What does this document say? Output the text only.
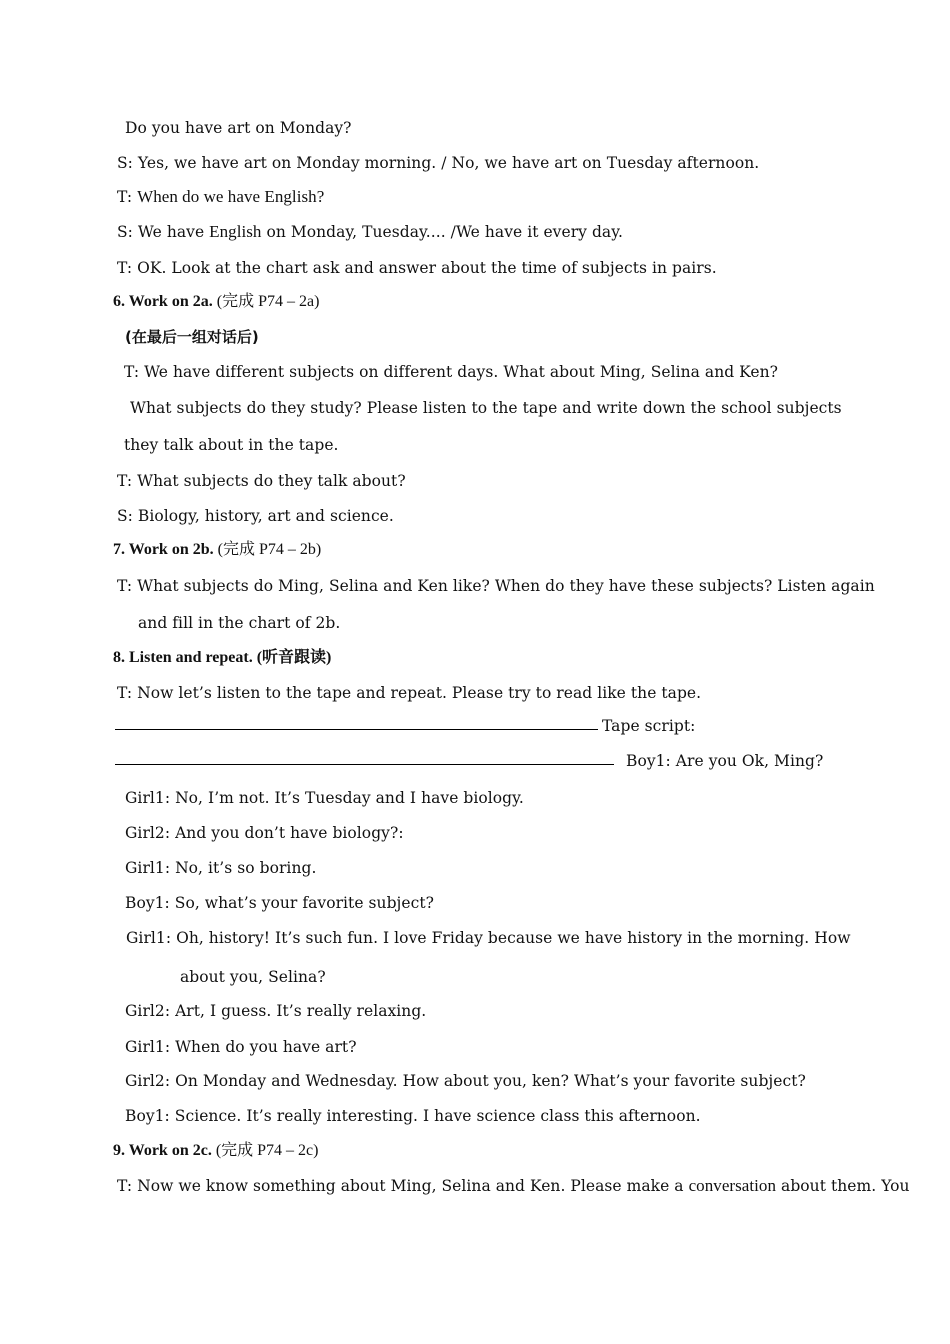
Do you have art on Monday?
S: Yes, we have art on Monday morning. / No, we have art on Tuesday afternoon.
T: When do we have English?
S: We have English on Monday, Tuesday.... /We have it every day.
T: OK. Look at the chart ask and answer about the time of subjects in pairs.
6. Work on 2a. (完成 P74 – 2a)
(在最后一组对话后)
T: We have different subjects on different days. What about Ming, Selina and Ken?
What subjects do they study? Please listen to the tape and write down the school subjects
they talk about in the tape.
T: What subjects do they talk about?
S: Biology, history, art and science.
7. Work on 2b. (完成 P74 – 2b)
T: What subjects do Ming, Selina and Ken like? When do they have these subjects? Listen again
and fill in the chart of 2b.
8. Listen and repeat. (听音跟读)
T: Now let’s listen to the tape and repeat. Please try to read like the tape.
Tape script:
Boy1: Are you Ok, Ming?
Girl1: No, I’m not. It’s Tuesday and I have biology.
Girl2: And you don’t have biology?:
Girl1: No, it’s so boring.
Boy1: So, what’s your favorite subject?
Girl1: Oh, history! It’s such fun. I love Friday because we have history in the morning. How
about you, Selina?
Girl2: Art, I guess. It’s really relaxing.
Girl1: When do you have art?
Girl2: On Monday and Wednesday. How about you, ken? What’s your favorite subject?
Boy1: Science. It’s really interesting. I have science class this afternoon.
9. Work on 2c. (完成 P74 – 2c)
T: Now we know something about Ming, Selina and Ken. Please make a conversation about them. You
